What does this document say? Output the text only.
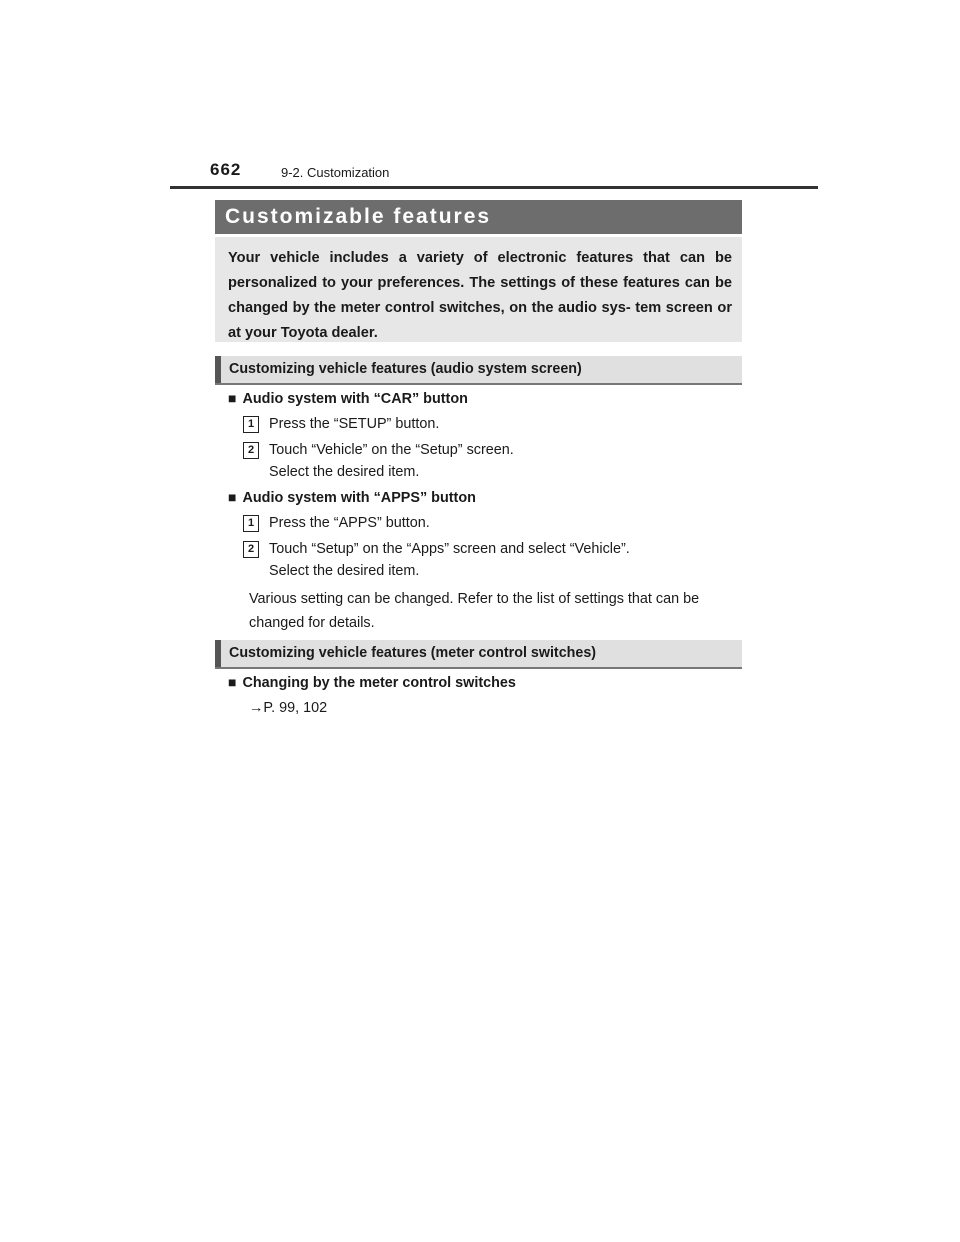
662	9-2. Customization
Customizable features
Your vehicle includes a variety of electronic features that can be personalized to your preferences. The settings of these features can be changed by the meter control switches, on the audio sys- tem screen or at your Toyota dealer.
Customizing vehicle features (audio system screen)
■ Audio system with “CAR” button
1	Press the “SETUP” button.
2	Touch “Vehicle” on the “Setup” screen.
Select the desired item.
■ Audio system with “APPS” button
1	Press the “APPS” button.
2	Touch “Setup” on the “Apps” screen and select “Vehicle”.
Select the desired item.
Various setting can be changed. Refer to the list of settings that can be changed for details.
Customizing vehicle features (meter control switches)
■ Changing by the meter control switches
→P. 99, 102
